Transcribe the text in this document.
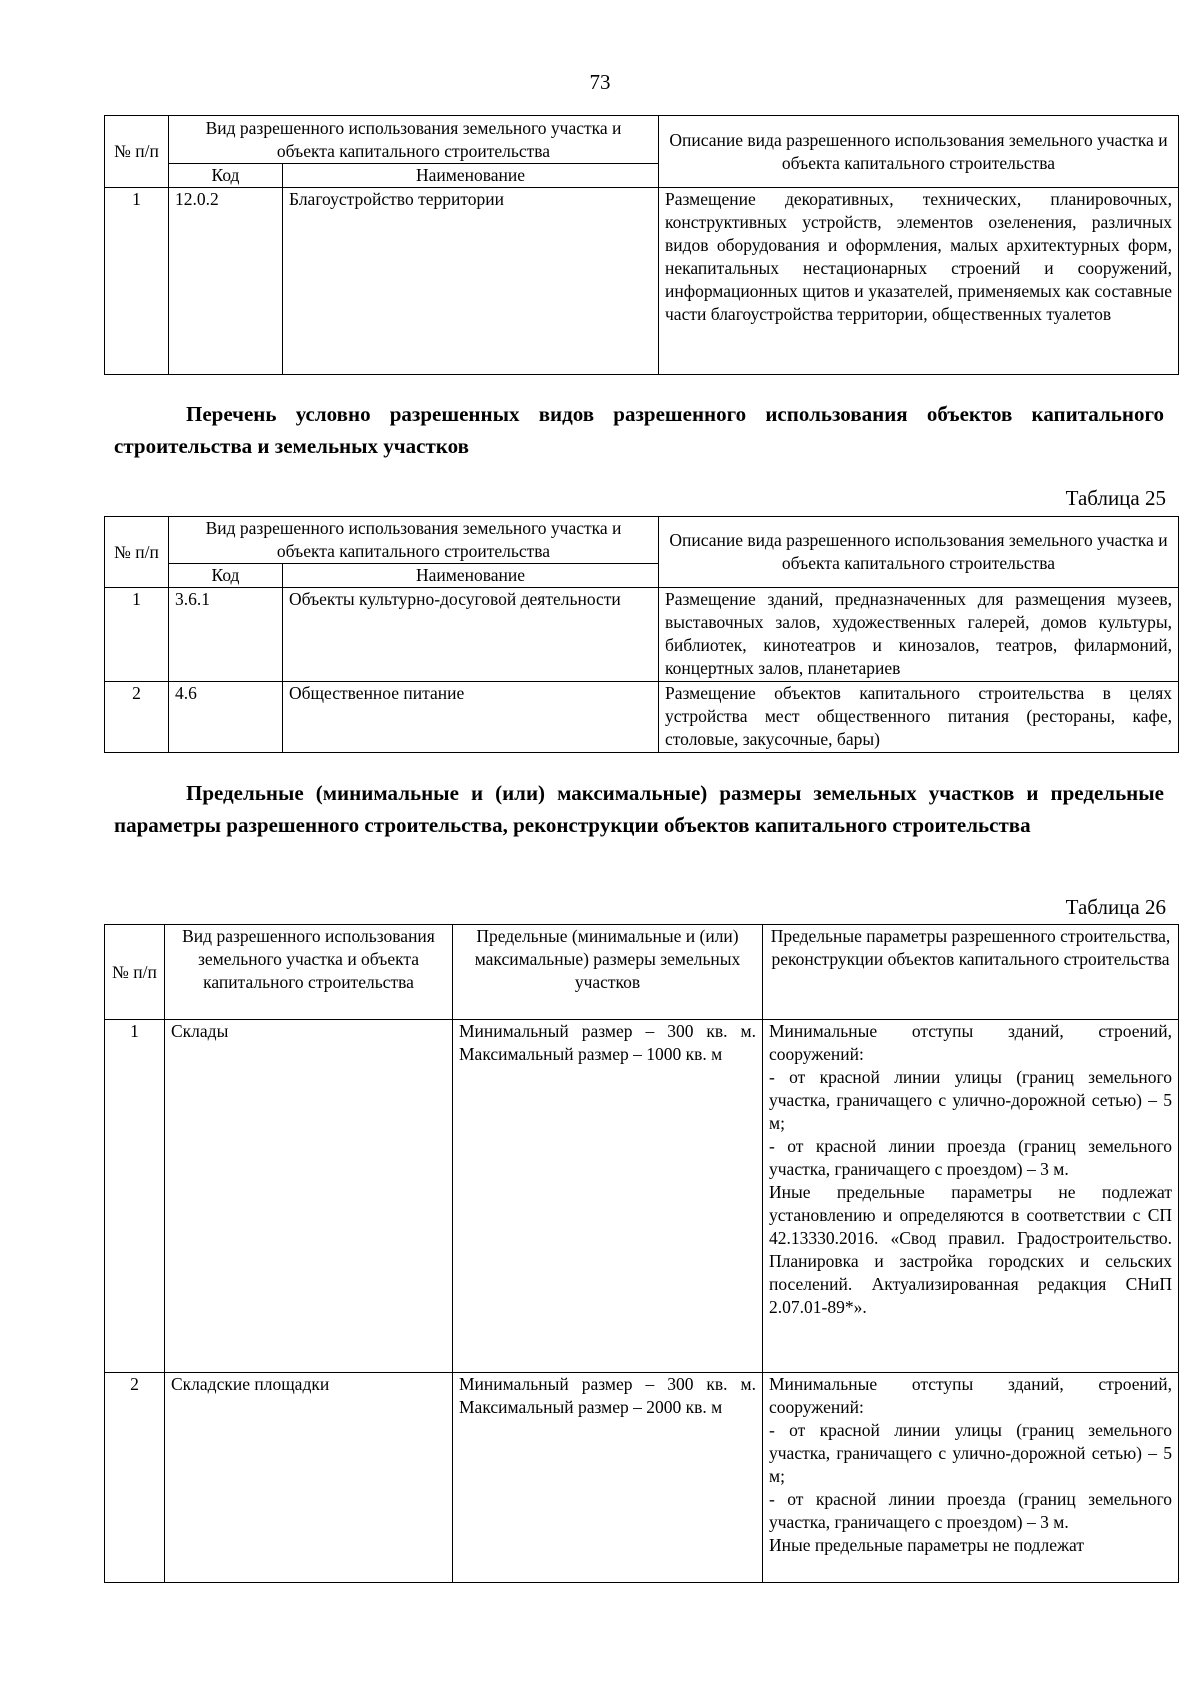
73
№ п/п	Вид разрешенного использования земельного участка и объекта капитального строительства		Описание вида разрешенного использования земельного участка и объекта капитального строительства
	Код	Наименование	
1	12.0.2	Благоустройство территории	Размещение декоративных, технических, планировочных, конструктивных устройств, элементов озеленения, различных видов оборудования и оформления, малых архитектурных форм, некапитальных нестационарных строений и сооружений, информационных щитов и указателей, применяемых как составные части благоустройства территории, общественных туалетов

Перечень условно разрешенных видов разрешенного использования объектов капитального строительства и земельных участков

Таблица 25
№ п/п	Вид разрешенного использования земельного участка и объекта капитального строительства		Описание вида разрешенного использования земельного участка и объекта капитального строительства
	Код	Наименование	
1	3.6.1	Объекты культурно-досуговой деятельности	Размещение зданий, предназначенных для размещения музеев, выставочных залов, художественных галерей, домов культуры, библиотек, кинотеатров и кинозалов, театров, филармоний, концертных залов, планетариев
2	4.6	Общественное питание	Размещение объектов капитального строительства в целях устройства мест общественного питания (рестораны, кафе, столовые, закусочные, бары)

Предельные (минимальные и (или) максимальные) размеры земельных участков и предельные параметры разрешенного строительства, реконструкции объектов капитального строительства

Таблица 26
№ п/п	Вид разрешенного использования земельного участка и объекта капитального строительства	Предельные (минимальные и (или) максимальные) размеры земельных участков	Предельные параметры разрешенного строительства, реконструкции объектов капитального строительства
1	Склады	Минимальный размер – 300 кв. м. Максимальный размер – 1000 кв. м	Минимальные отступы зданий, строений, сооружений:
- от красной линии улицы (границ земельного участка, граничащего с улично-дорожной сетью) – 5 м;
- от красной линии проезда (границ земельного участка, граничащего с проездом) – 3 м.
Иные предельные параметры не подлежат установлению и определяются в соответствии с СП 42.13330.2016. «Свод правил. Градостроительство. Планировка и застройка городских и сельских поселений. Актуализированная редакция СНиП 2.07.01-89*».
2	Складские площадки	Минимальный размер – 300 кв. м. Максимальный размер – 2000 кв. м	Минимальные отступы зданий, строений, сооружений:
- от красной линии улицы (границ земельного участка, граничащего с улично-дорожной сетью) – 5 м;
- от красной линии проезда (границ земельного участка, граничащего с проездом) – 3 м.
Иные предельные параметры не подлежат
